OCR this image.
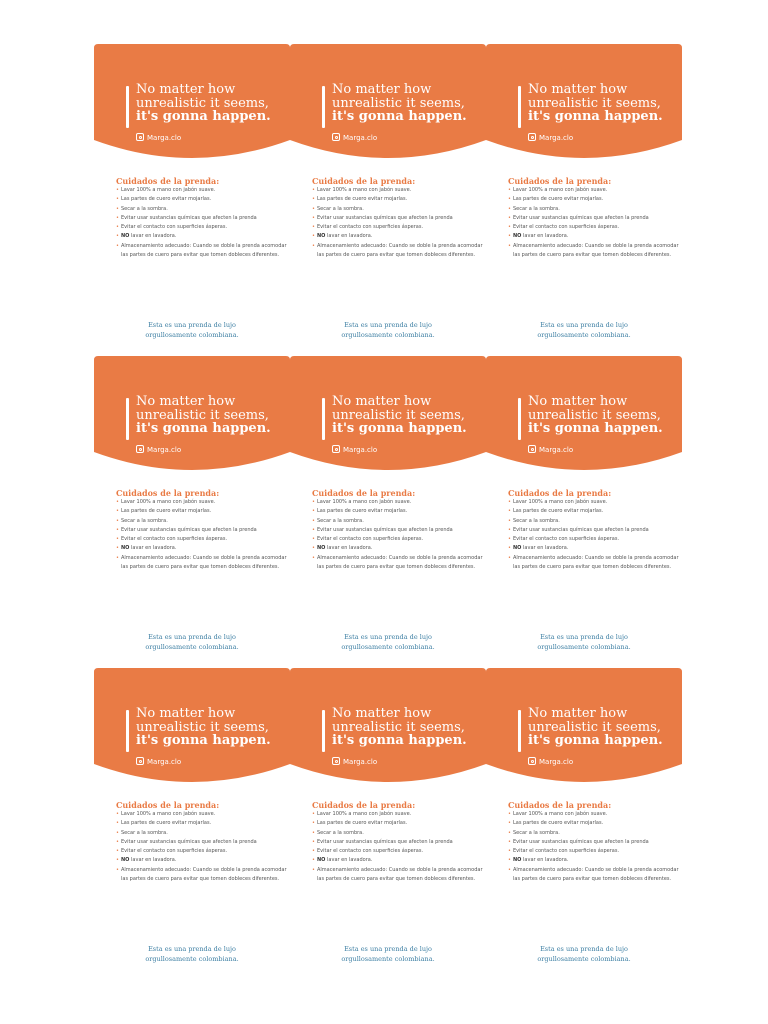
No matter how
unrealistic it seems,
it's gonna happen.
Marga.clo
Cuidados de la prenda:
• Lavar 100% a mano con jabón suave.
• Las partes de cuero evitar mojarlas.
• Secar a la sombra.
• Evitar usar sustancias químicas que afecten la prenda
• Evitar el contacto con superficies ásperas.
• NO lavar en lavadora.
• Almacenamiento adecuado: Cuando se doble la prenda acomodar las partes de cuero para evitar que tomen dobleces diferentes.
Esta es una prenda de lujo
orgullosamente colombiana.
No matter how
unrealistic it seems,
it's gonna happen.
Marga.clo
Cuidados de la prenda:
• Lavar 100% a mano con jabón suave.
• Las partes de cuero evitar mojarlas.
• Secar a la sombra.
• Evitar usar sustancias químicas que afecten la prenda
• Evitar el contacto con superficies ásperas.
• NO lavar en lavadora.
• Almacenamiento adecuado: Cuando se doble la prenda acomodar las partes de cuero para evitar que tomen dobleces diferentes.
Esta es una prenda de lujo
orgullosamente colombiana.
No matter how
unrealistic it seems,
it's gonna happen.
Marga.clo
Cuidados de la prenda:
• Lavar 100% a mano con jabón suave.
• Las partes de cuero evitar mojarlas.
• Secar a la sombra.
• Evitar usar sustancias químicas que afecten la prenda
• Evitar el contacto con superficies ásperas.
• NO lavar en lavadora.
• Almacenamiento adecuado: Cuando se doble la prenda acomodar las partes de cuero para evitar que tomen dobleces diferentes.
Esta es una prenda de lujo
orgullosamente colombiana.
No matter how
unrealistic it seems,
it's gonna happen.
Marga.clo
Cuidados de la prenda:
• Lavar 100% a mano con jabón suave.
• Las partes de cuero evitar mojarlas.
• Secar a la sombra.
• Evitar usar sustancias químicas que afecten la prenda
• Evitar el contacto con superficies ásperas.
• NO lavar en lavadora.
• Almacenamiento adecuado: Cuando se doble la prenda acomodar las partes de cuero para evitar que tomen dobleces diferentes.
Esta es una prenda de lujo
orgullosamente colombiana.
No matter how
unrealistic it seems,
it's gonna happen.
Marga.clo
Cuidados de la prenda:
• Lavar 100% a mano con jabón suave.
• Las partes de cuero evitar mojarlas.
• Secar a la sombra.
• Evitar usar sustancias químicas que afecten la prenda
• Evitar el contacto con superficies ásperas.
• NO lavar en lavadora.
• Almacenamiento adecuado: Cuando se doble la prenda acomodar las partes de cuero para evitar que tomen dobleces diferentes.
Esta es una prenda de lujo
orgullosamente colombiana.
No matter how
unrealistic it seems,
it's gonna happen.
Marga.clo
Cuidados de la prenda:
• Lavar 100% a mano con jabón suave.
• Las partes de cuero evitar mojarlas.
• Secar a la sombra.
• Evitar usar sustancias químicas que afecten la prenda
• Evitar el contacto con superficies ásperas.
• NO lavar en lavadora.
• Almacenamiento adecuado: Cuando se doble la prenda acomodar las partes de cuero para evitar que tomen dobleces diferentes.
Esta es una prenda de lujo
orgullosamente colombiana.
No matter how
unrealistic it seems,
it's gonna happen.
Marga.clo
Cuidados de la prenda:
• Lavar 100% a mano con jabón suave.
• Las partes de cuero evitar mojarlas.
• Secar a la sombra.
• Evitar usar sustancias químicas que afecten la prenda
• Evitar el contacto con superficies ásperas.
• NO lavar en lavadora.
• Almacenamiento adecuado: Cuando se doble la prenda acomodar las partes de cuero para evitar que tomen dobleces diferentes.
Esta es una prenda de lujo
orgullosamente colombiana.
No matter how
unrealistic it seems,
it's gonna happen.
Marga.clo
Cuidados de la prenda:
• Lavar 100% a mano con jabón suave.
• Las partes de cuero evitar mojarlas.
• Secar a la sombra.
• Evitar usar sustancias químicas que afecten la prenda
• Evitar el contacto con superficies ásperas.
• NO lavar en lavadora.
• Almacenamiento adecuado: Cuando se doble la prenda acomodar las partes de cuero para evitar que tomen dobleces diferentes.
Esta es una prenda de lujo
orgullosamente colombiana.
No matter how
unrealistic it seems,
it's gonna happen.
Marga.clo
Cuidados de la prenda:
• Lavar 100% a mano con jabón suave.
• Las partes de cuero evitar mojarlas.
• Secar a la sombra.
• Evitar usar sustancias químicas que afecten la prenda
• Evitar el contacto con superficies ásperas.
• NO lavar en lavadora.
• Almacenamiento adecuado: Cuando se doble la prenda acomodar las partes de cuero para evitar que tomen dobleces diferentes.
Esta es una prenda de lujo
orgullosamente colombiana.
